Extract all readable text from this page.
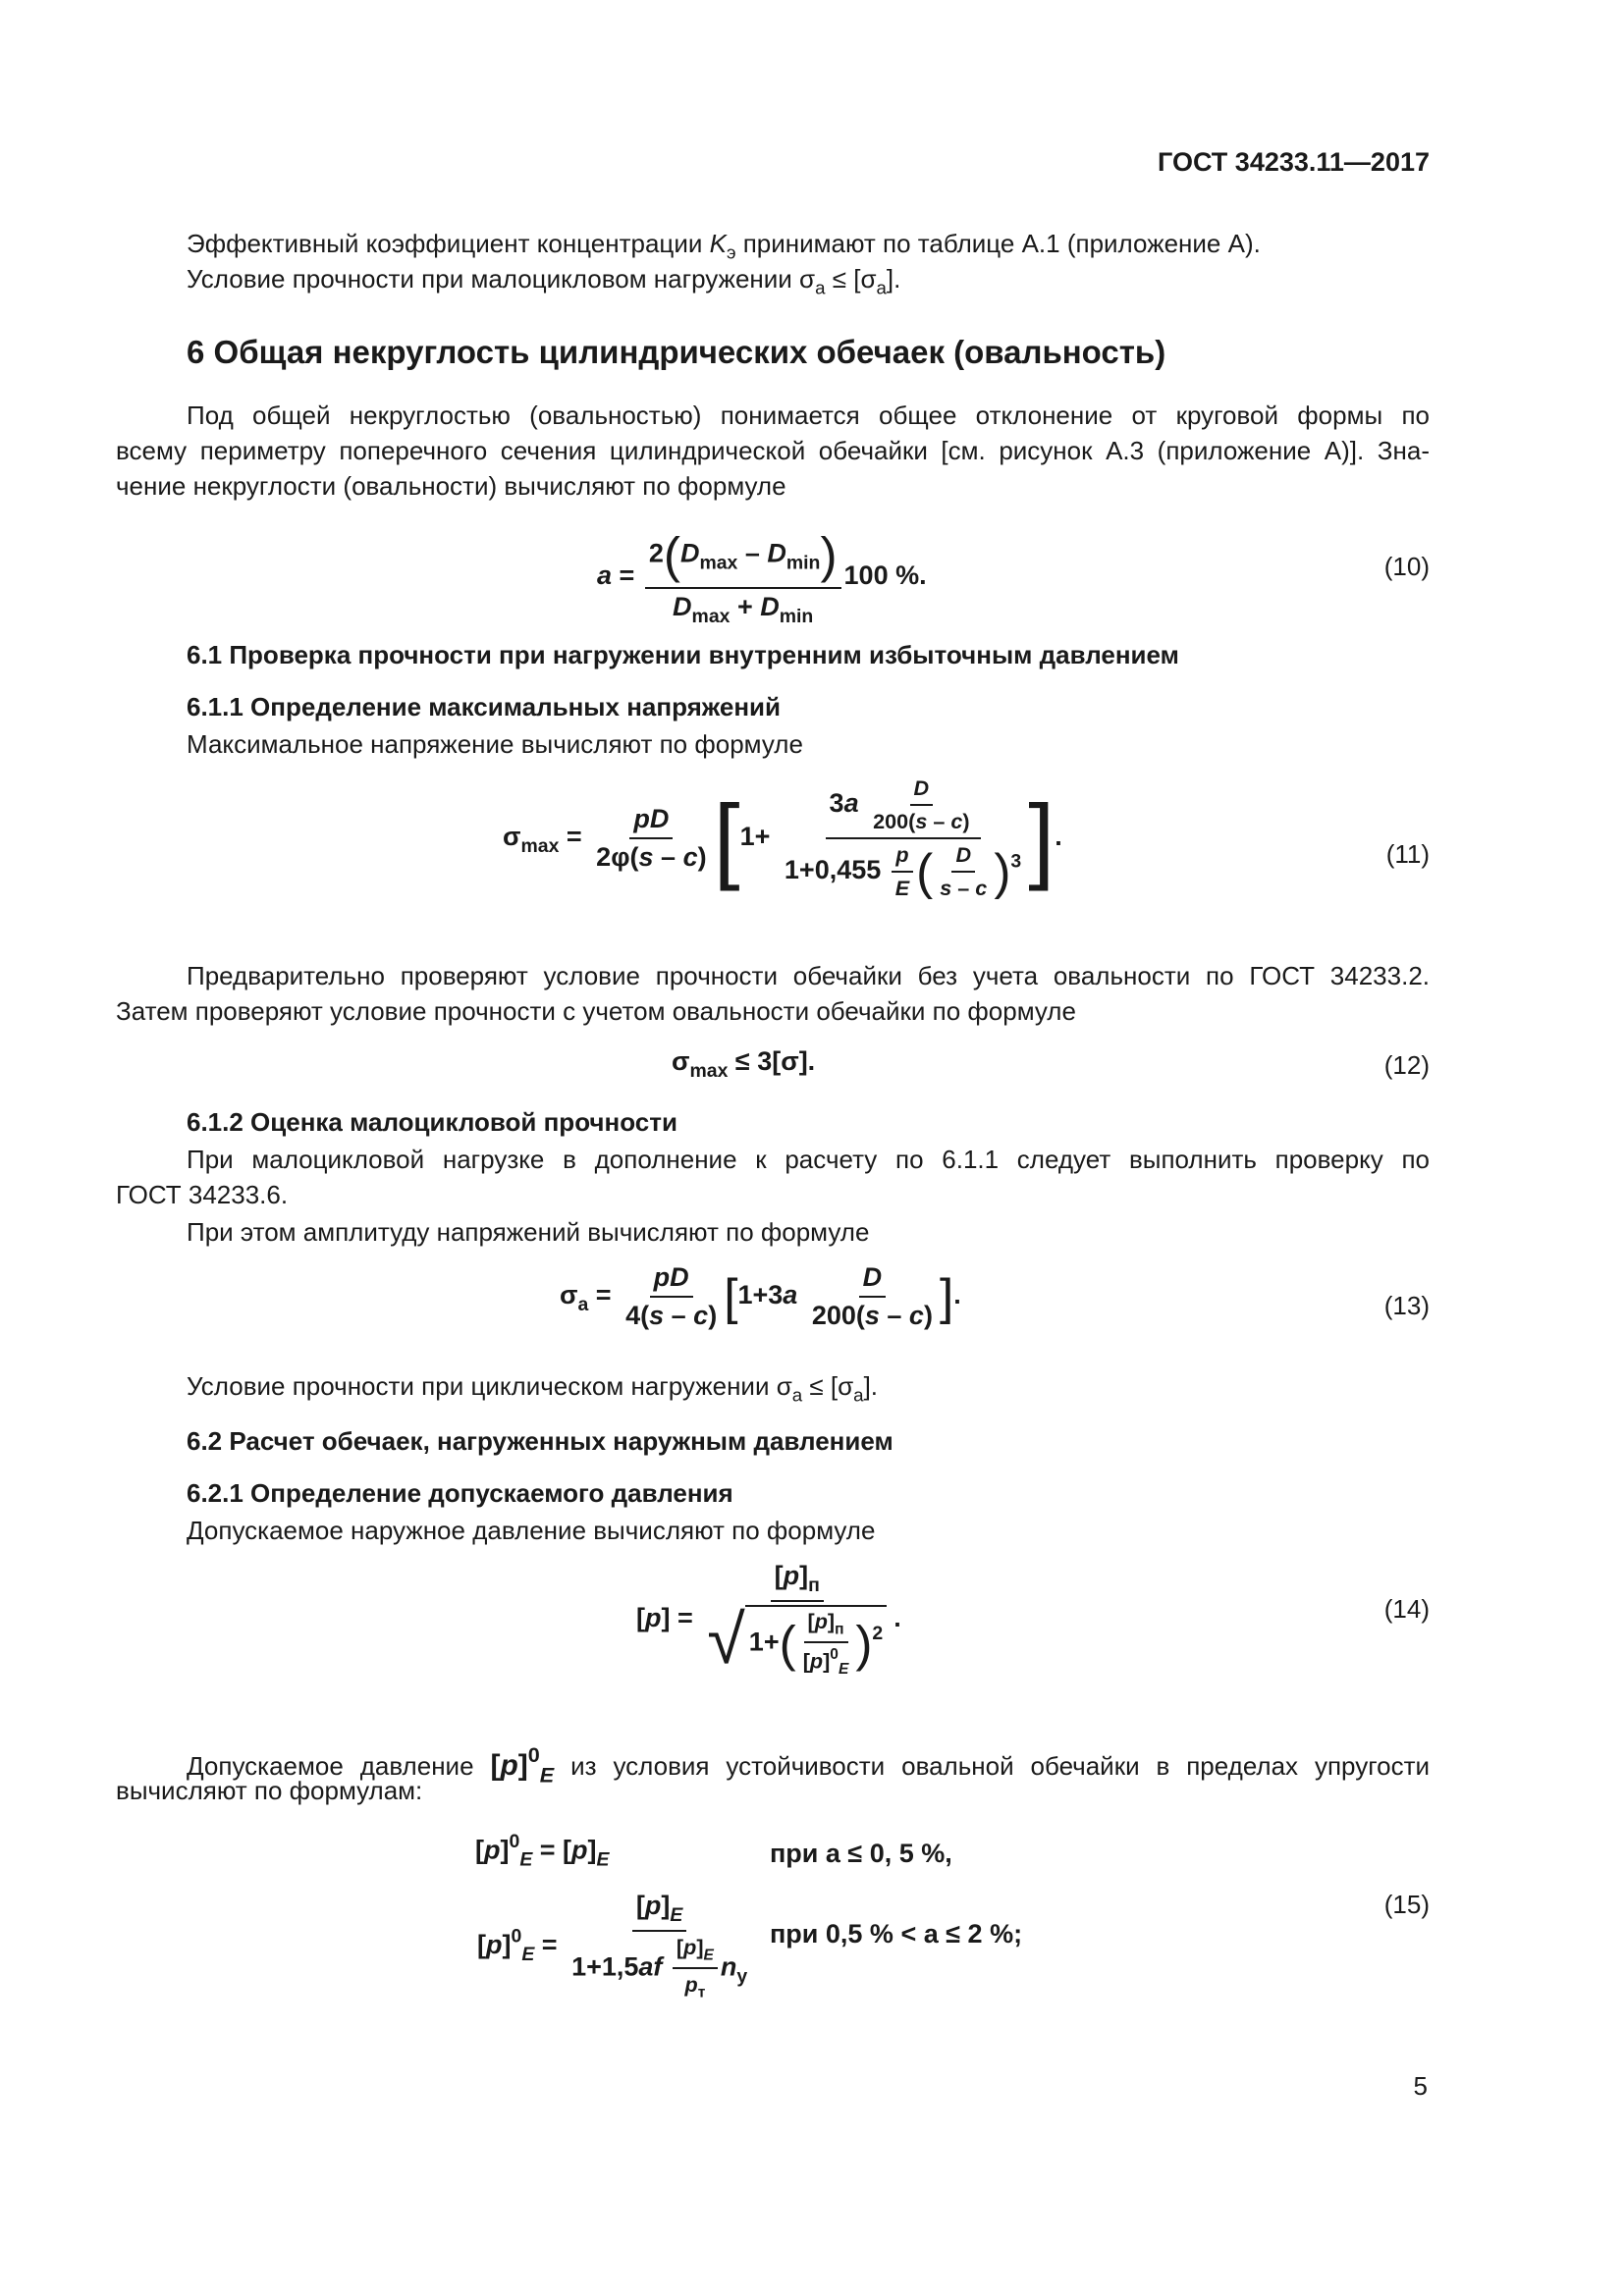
ГОСТ 34233.11—2017

Эффективный коэффициент концентрации $K_э$ принимают по таблице А.1 (приложение А).

Условие прочности при малоцикловом нагружении $\sigma_a \le [\sigma_a]$.

6 Общая некруглость цилиндрических обечаек (овальность)

Под общей некруглостью (овальностью) понимается общее отклонение от круговой формы по

всему периметру поперечного сечения цилиндрической обечайки [см. рисунок А.3 (приложение А)]. Зна-

чение некруглости (овальности) вычисляют по формуле

$a = \frac{2(D_{max} - D_{min})}{D_{max} + D_{min}} 100$ %.	(10)
6.1 Проверка прочности при нагружении внутренним избыточным давлением
6.1.1 Определение максимальных напряжений

Максимальное напряжение вычисляют по формуле

$\sigma_{max} = \frac{pD}{2\varphi(s - c)} [1+ \frac{3a \frac{D}{200(s - c)}}{1+0,455 \frac{p}{E} ( \frac{D}{s - c} )^3}$ ].
(11)

Предварительно проверяют условие прочности обечайки без учета овальности по ГОСТ 34233.2.

Затем проверяют условие прочности с учетом овальности обечайки по формуле

$\sigma_{max} \le 3[\sigma]$.	(12)
6.1.2 Оценка малоцикловой прочности

При малоцикловой нагрузке в дополнение к расчету по 6.1.1 следует выполнить проверку по

ГОСТ 34233.6.

При этом амплитуду напряжений вычисляют по формуле

$\sigma_a = \frac{pD}{4(s - c)} [1+3a \frac{D}{200(s - c)}$ ].	(13)

Условие прочности при циклическом нагружении $\sigma_a \le [\sigma_a]$.

6.2 Расчет обечаек, нагруженных наружным давлением
6.2.1 Определение допускаемого давления

Допускаемое наружное давление вычисляют по формуле

$[p] = \frac{[p]_п}{√ 1+( \frac{[p]_п}{[p]^0_E} )^2}$ .	(14)

Допускаемое давление $[p]^0_E$ из условия устойчивости овальной обечайки в пределах упругости

вычисляют по формулам:

$[p]^0_E = [p]_E$	при a ≤ 0, 5 %,
$[p]^0_E = \frac{[p]_E}{1+1,5af \frac{[p]_E}{p_т} n_у}$ при 0,5 % < a ≤ 2 %;
(15)
5
